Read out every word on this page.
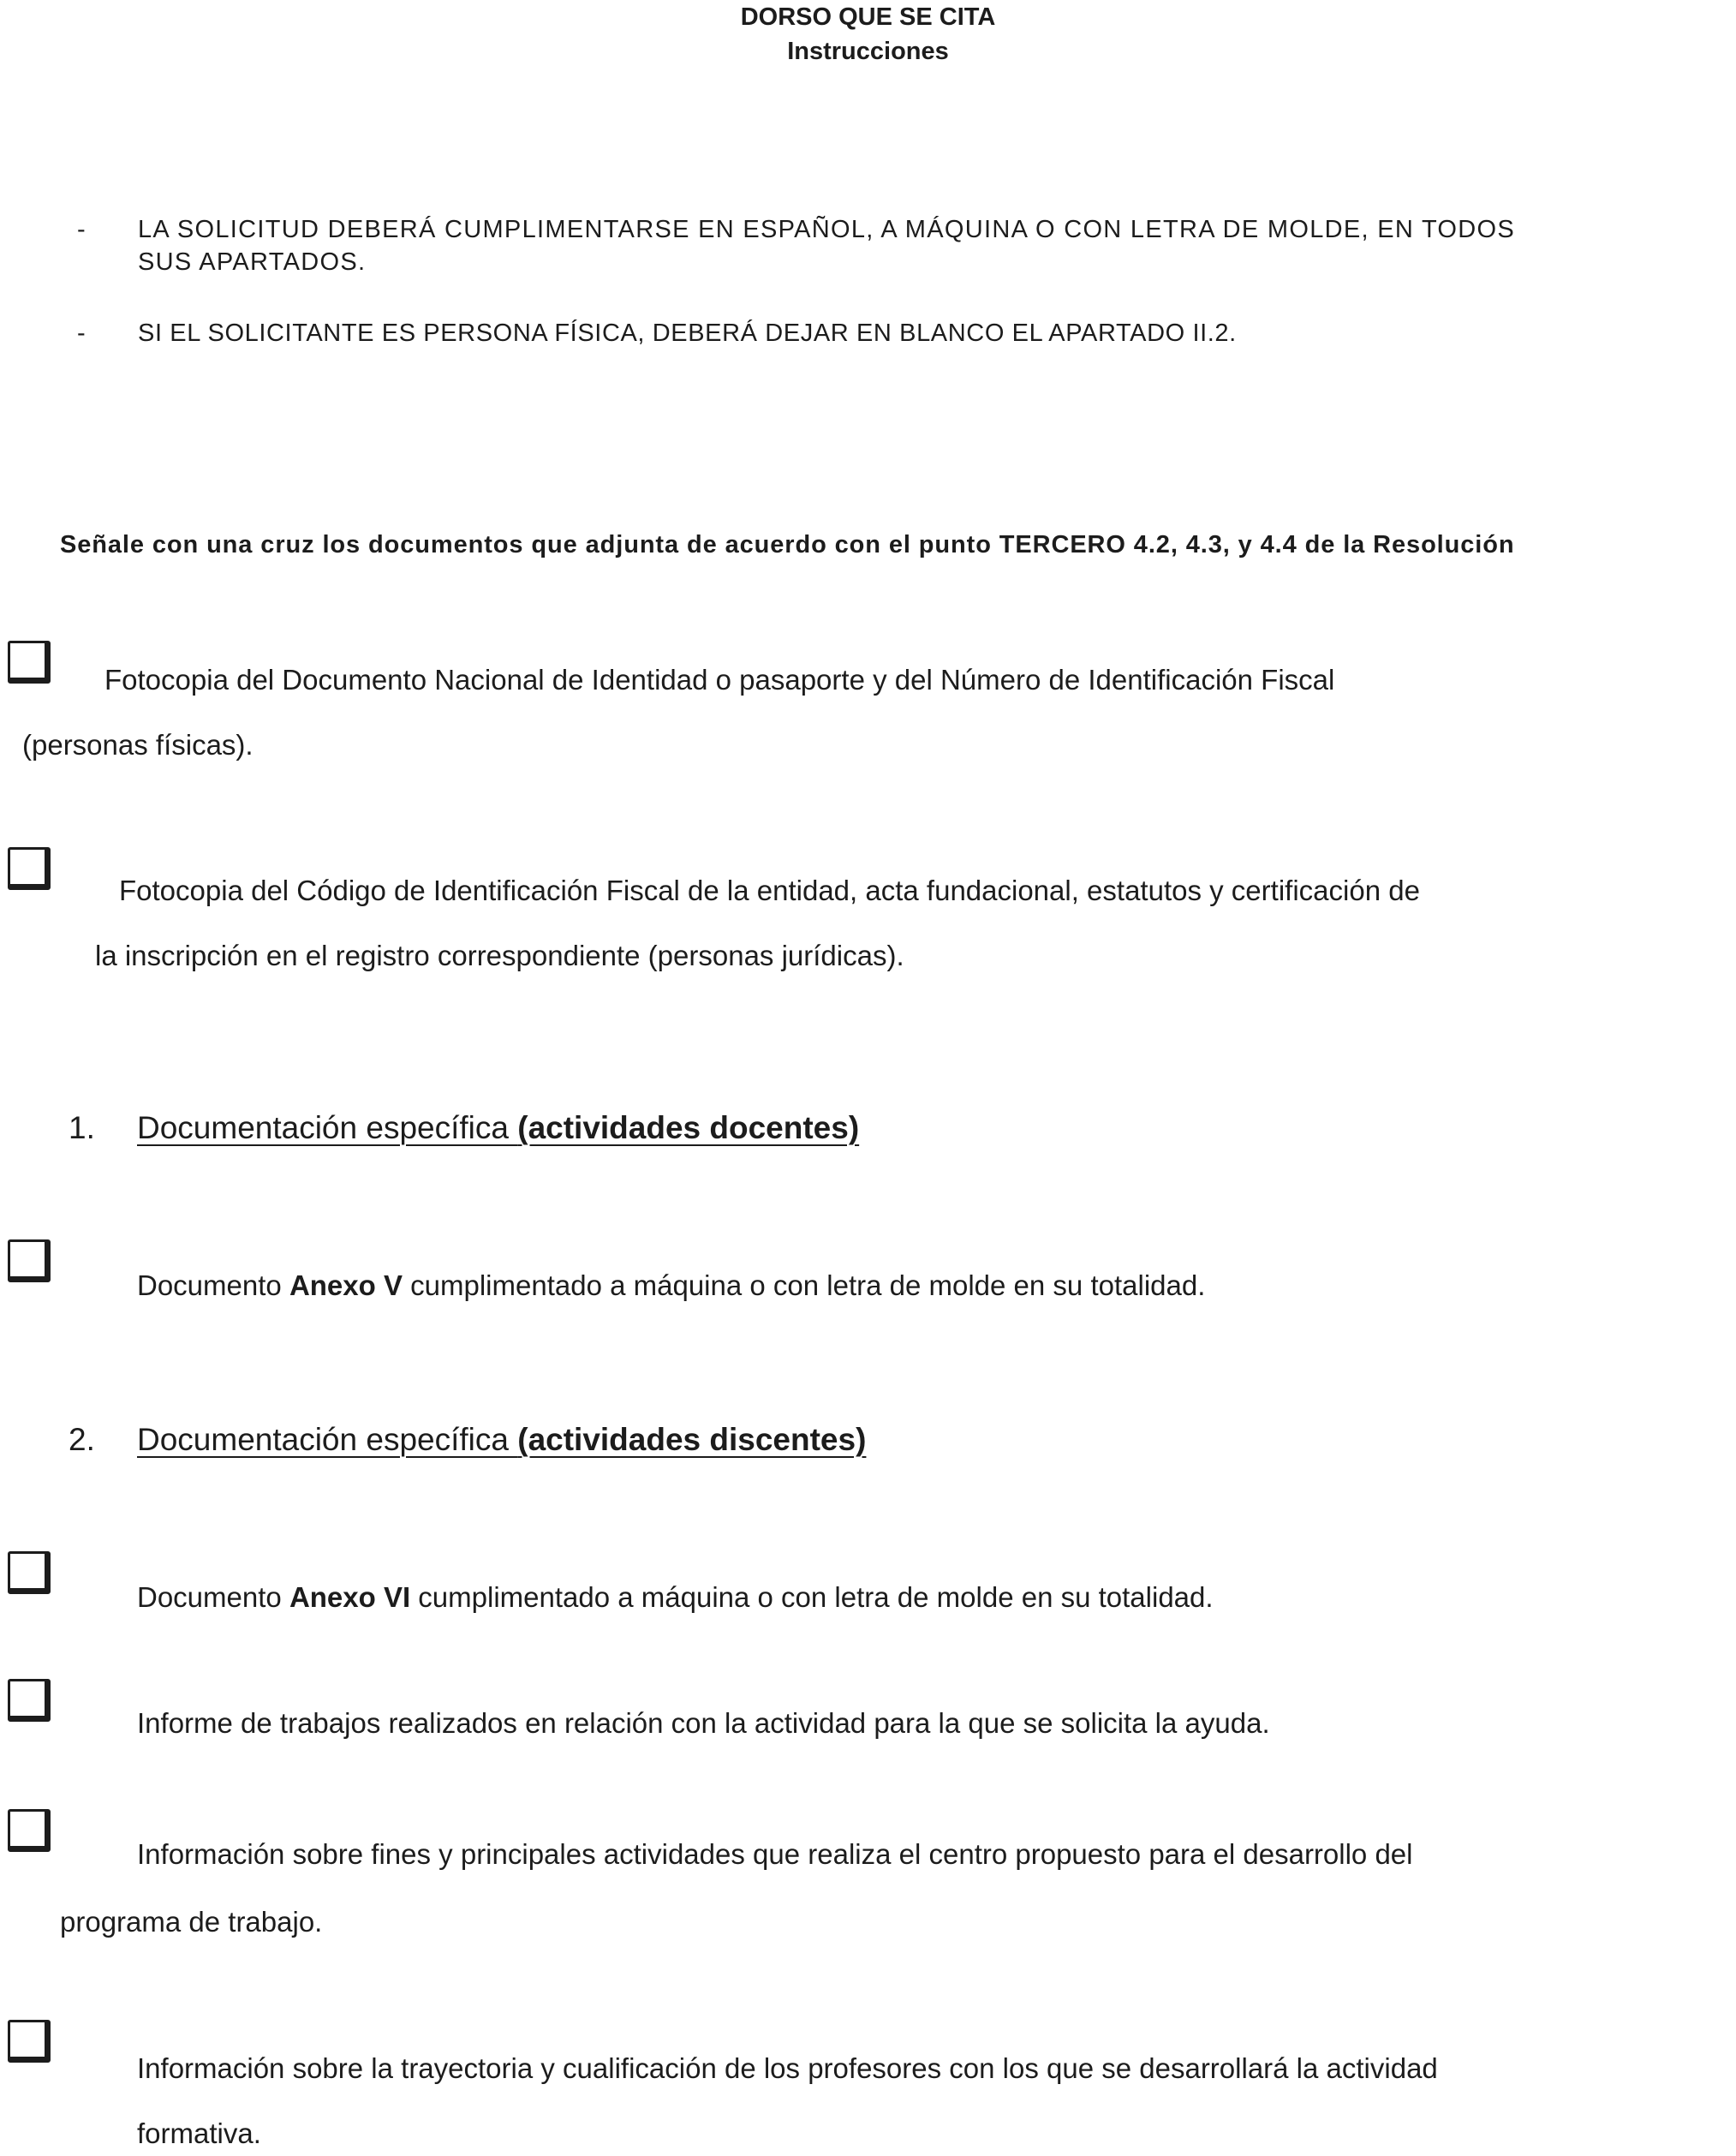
DORSO QUE SE CITA
Instrucciones
- LA SOLICITUD DEBERÁ CUMPLIMENTARSE EN ESPAÑOL, A MÁQUINA O CON LETRA DE MOLDE, EN TODOS
SUS APARTADOS.
- SI EL SOLICITANTE ES PERSONA FÍSICA, DEBERÁ DEJAR EN BLANCO EL APARTADO II.2.
Señale con una cruz los documentos que adjunta de acuerdo con el punto TERCERO 4.2, 4.3, y 4.4 de la Resolución
Fotocopia del Documento Nacional de Identidad o pasaporte y del Número de Identificación Fiscal
(personas físicas).
Fotocopia del Código de Identificación Fiscal de la entidad, acta fundacional, estatutos y certificación de
la inscripción en el registro correspondiente (personas jurídicas).
1. Documentación específica (actividades docentes)
Documento Anexo V cumplimentado a máquina o con letra de molde en su totalidad.
2. Documentación específica (actividades discentes)
Documento Anexo VI cumplimentado a máquina o con letra de molde en su totalidad.
Informe de trabajos realizados en relación con la actividad para la que se solicita la ayuda.
Información sobre fines y principales actividades que realiza el centro propuesto para el desarrollo del
programa de trabajo.
Información sobre la trayectoria y cualificación de los profesores con los que se desarrollará la actividad
formativa.
